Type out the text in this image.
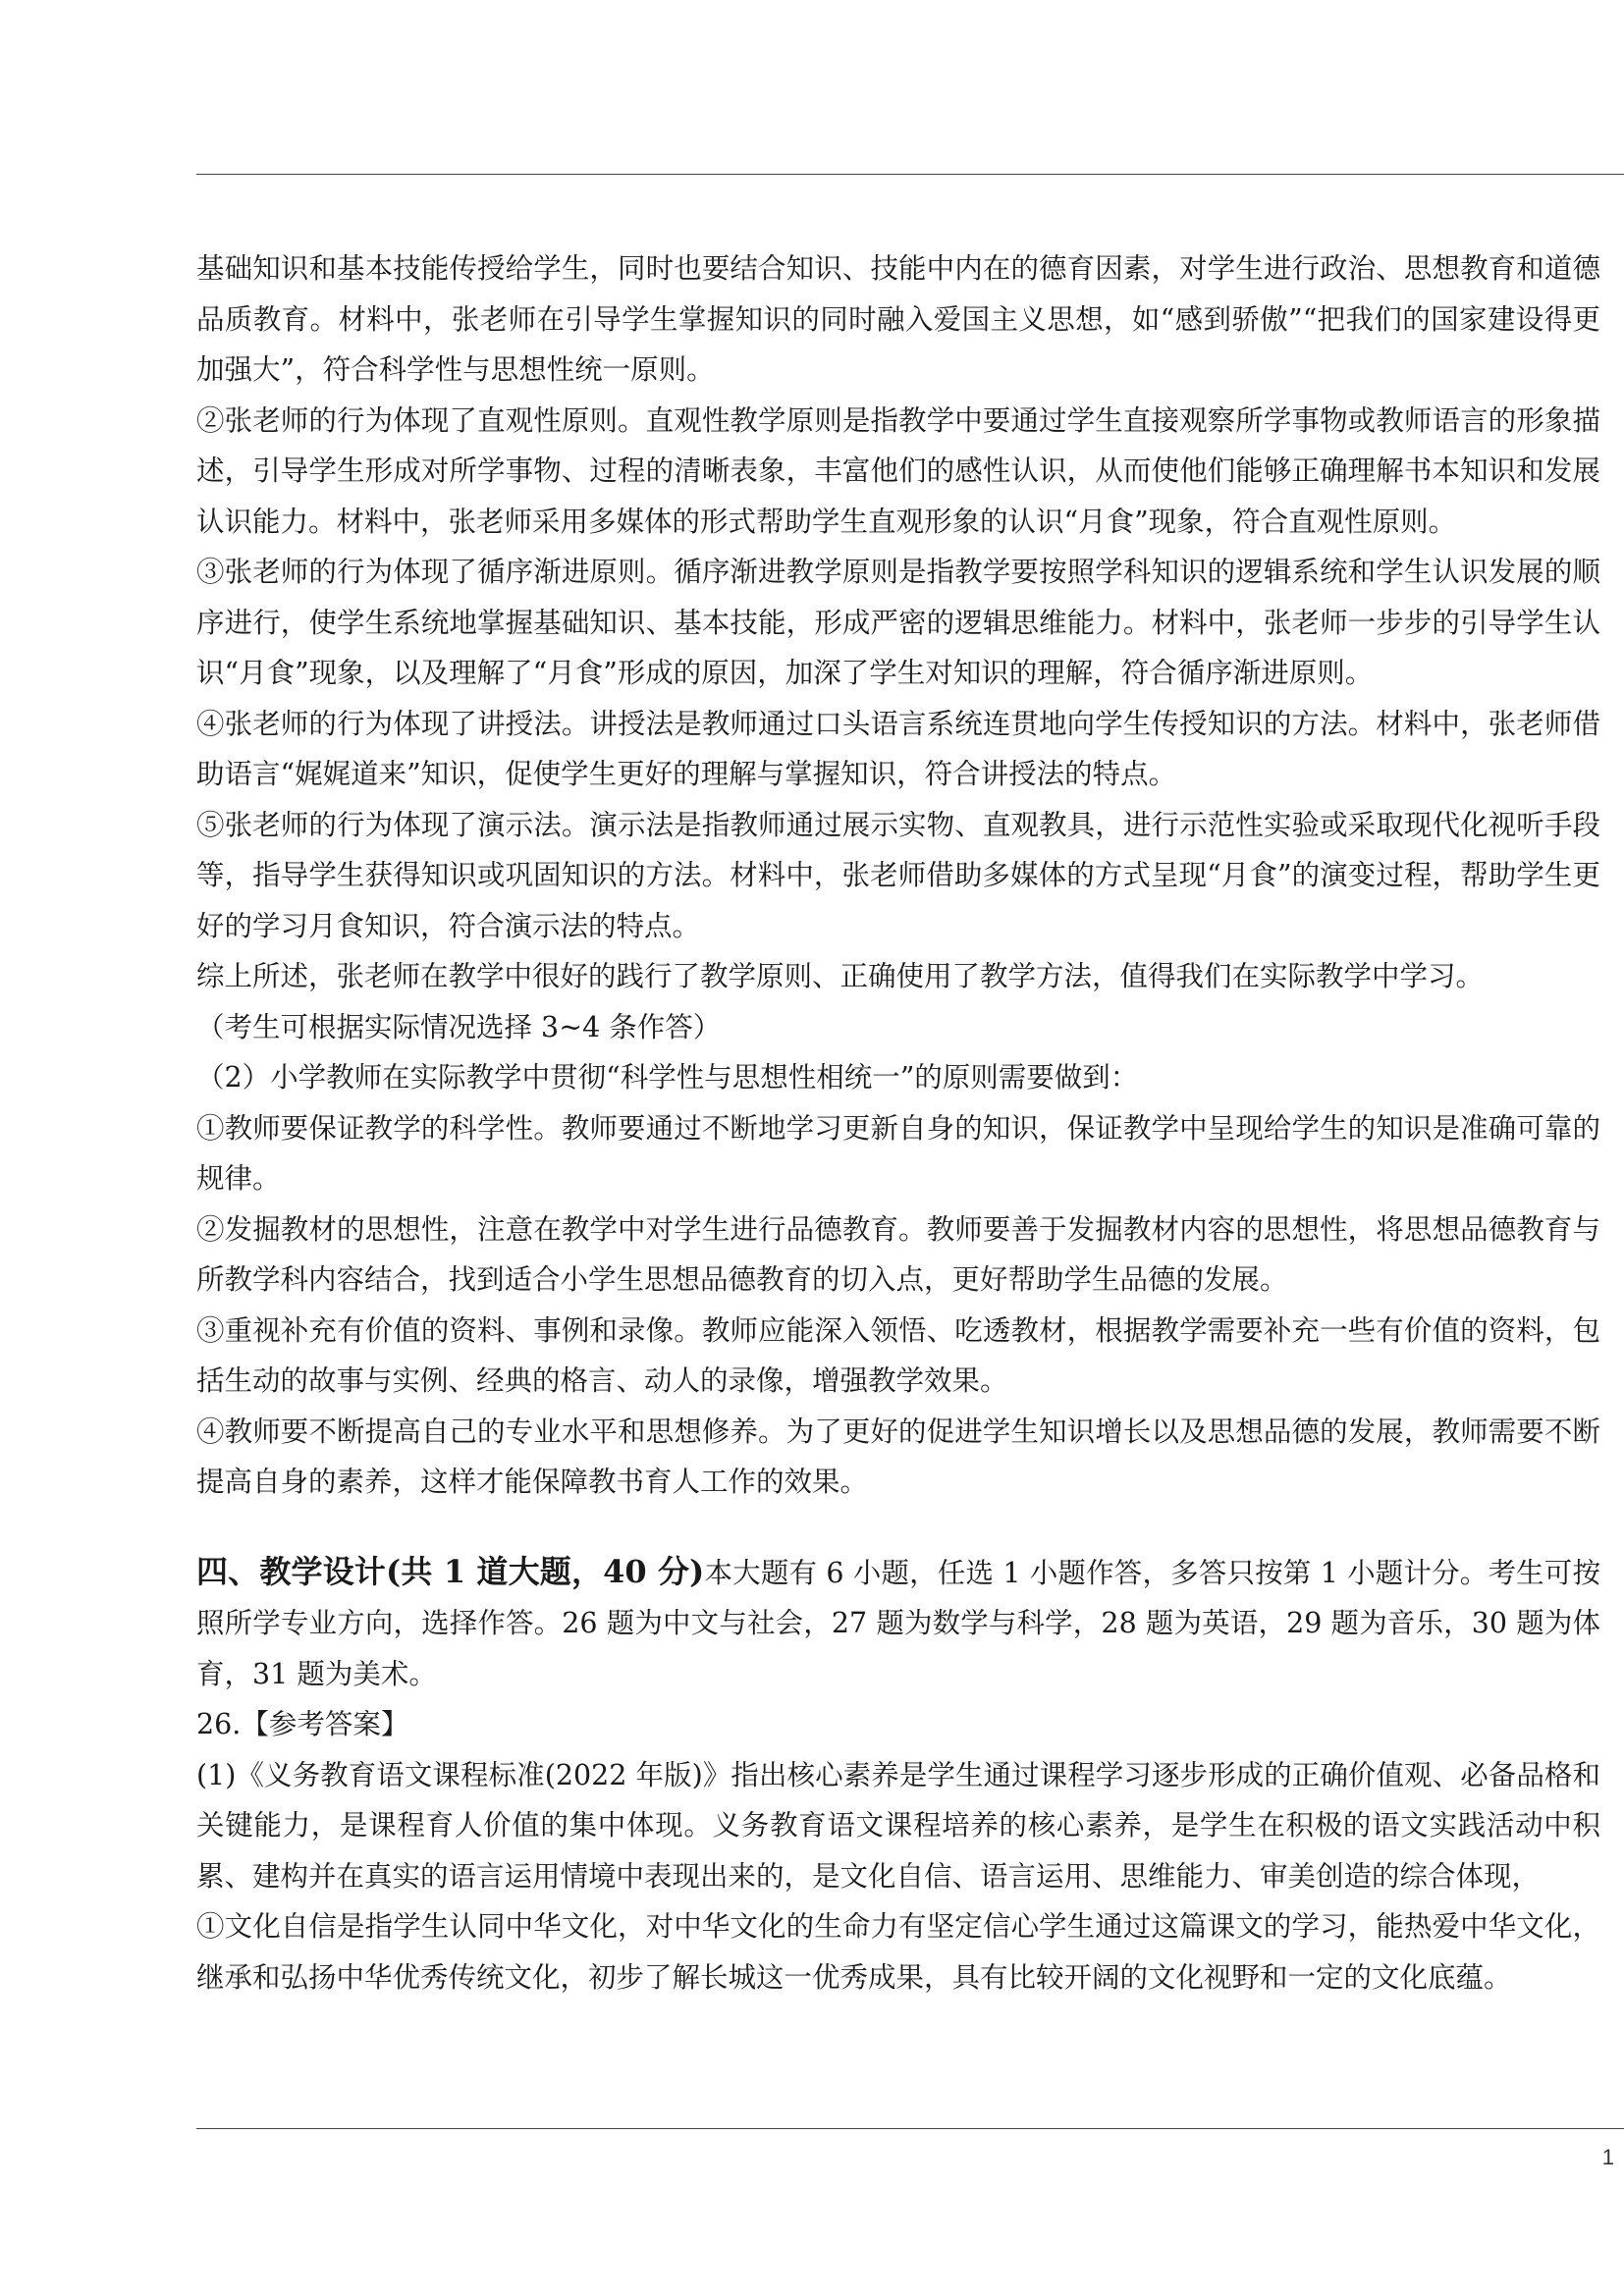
基础知识和基本技能传授给学生，同时也要结合知识、技能中内在的德育因素，对学生进行政治、思想教育和道德品质教育。材料中，张老师在引导学生掌握知识的同时融入爱国主义思想，如“感到骄傲”“把我们的国家建设得更加强大”，符合科学性与思想性统一原则。

②张老师的行为体现了直观性原则。直观性教学原则是指教学中要通过学生直接观察所学事物或教师语言的形象描述，引导学生形成对所学事物、过程的清晰表象，丰富他们的感性认识，从而使他们能够正确理解书本知识和发展认识能力。材料中，张老师采用多媒体的形式帮助学生直观形象的认识“月食”现象，符合直观性原则。

③张老师的行为体现了循序渐进原则。循序渐进教学原则是指教学要按照学科知识的逻辑系统和学生认识发展的顺序进行，使学生系统地掌握基础知识、基本技能，形成严密的逻辑思维能力。材料中，张老师一步步的引导学生认识“月食”现象，以及理解了“月食”形成的原因，加深了学生对知识的理解，符合循序渐进原则。

④张老师的行为体现了讲授法。讲授法是教师通过口头语言系统连贯地向学生传授知识的方法。材料中，张老师借助语言“娓娓道来”知识，促使学生更好的理解与掌握知识，符合讲授法的特点。

⑤张老师的行为体现了演示法。演示法是指教师通过展示实物、直观教具，进行示范性实验或采取现代化视听手段等，指导学生获得知识或巩固知识的方法。材料中，张老师借助多媒体的方式呈现“月食”的演变过程，帮助学生更好的学习月食知识，符合演示法的特点。

综上所述，张老师在教学中很好的践行了教学原则、正确使用了教学方法，值得我们在实际教学中学习。

（考生可根据实际情况选择 3~4 条作答）

（2）小学教师在实际教学中贯彻“科学性与思想性相统一”的原则需要做到：

①教师要保证教学的科学性。教师要通过不断地学习更新自身的知识，保证教学中呈现给学生的知识是准确可靠的规律。

②发掘教材的思想性，注意在教学中对学生进行品德教育。教师要善于发掘教材内容的思想性，将思想品德教育与所教学科内容结合，找到适合小学生思想品德教育的切入点，更好帮助学生品德的发展。

③重视补充有价值的资料、事例和录像。教师应能深入领悟、吃透教材，根据教学需要补充一些有价值的资料，包括生动的故事与实例、经典的格言、动人的录像，增强教学效果。

④教师要不断提高自己的专业水平和思想修养。为了更好的促进学生知识增长以及思想品德的发展，教师需要不断提高自身的素养，这样才能保障教书育人工作的效果。

四、教学设计(共 1 道大题，40 分)本大题有 6 小题，任选 1 小题作答，多答只按第 1 小题计分。考生可按照所学专业方向，选择作答。26 题为中文与社会，27 题为数学与科学，28 题为英语，29 题为音乐，30 题为体育，31 题为美术。

26.【参考答案】

(1)《义务教育语文课程标准(2022 年版)》指出核心素养是学生通过课程学习逐步形成的正确价值观、必备品格和关键能力，是课程育人价值的集中体现。义务教育语文课程培养的核心素养，是学生在积极的语文实践活动中积累、建构并在真实的语言运用情境中表现出来的，是文化自信、语言运用、思维能力、审美创造的综合体现，

①文化自信是指学生认同中华文化，对中华文化的生命力有坚定信心学生通过这篇课文的学习，能热爱中华文化，继承和弘扬中华优秀传统文化，初步了解长城这一优秀成果，具有比较开阔的文化视野和一定的文化底蕴。

1
